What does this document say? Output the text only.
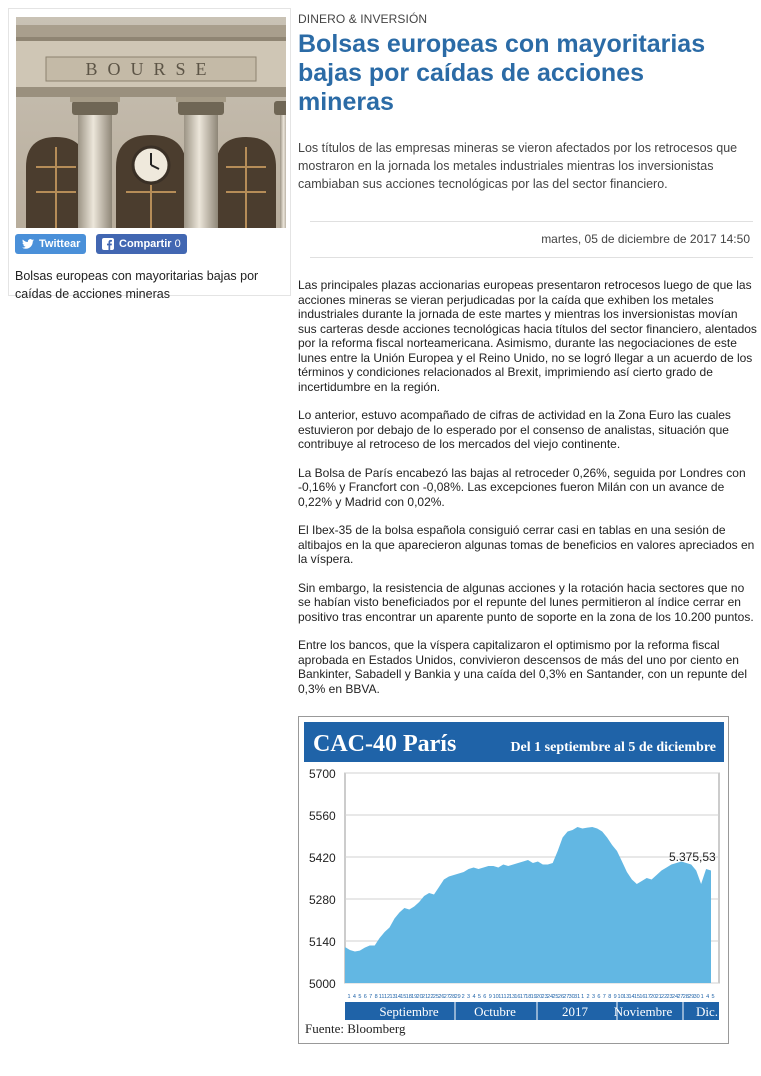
BOURSE
Twittear	Compartir 0
Bolsas europeas con mayoritarias bajas por caídas de acciones mineras
DINERO & INVERSIÓN
Bolsas europeas con mayoritarias bajas por caídas de acciones mineras

Los títulos de las empresas mineras se vieron afectados por los retrocesos que mostraron en la jornada los metales industriales mientras los inversionistas cambiaban sus acciones tecnológicas por las del sector financiero.

martes, 05 de diciembre de 2017 14:50

Las principales plazas accionarias europeas presentaron retrocesos luego de que las acciones mineras se vieran perjudicadas por la caída que exhiben los metales industriales durante la jornada de este martes y mientras los inversionistas movían sus carteras desde acciones tecnológicas hacia títulos del sector financiero, alentados por la reforma fiscal norteamericana. Asimismo, durante las negociaciones de este lunes entre la Unión Europea y el Reino Unido, no se logró llegar a un acuerdo de los términos y condiciones relacionados al Brexit, imprimiendo así cierto grado de incertidumbre en la región.

Lo anterior, estuvo acompañado de cifras de actividad en la Zona Euro las cuales estuvieron por debajo de lo esperado por el consenso de analistas, situación que contribuye al retroceso de los mercados del viejo continente.

La Bolsa de París encabezó las bajas al retroceder 0,26%, seguida por Londres con -0,16% y Francfort con -0,08%. Las excepciones fueron Milán con un avance de 0,22% y Madrid con 0,02%.

El Ibex-35 de la bolsa española consiguió cerrar casi en tablas en una sesión de altibajos en la que aparecieron algunas tomas de beneficios en valores apreciados en la víspera.

Sin embargo, la resistencia de algunas acciones y la rotación hacia sectores que no se habían visto beneficiados por el repunte del lunes permitieron al índice cerrar en positivo tras encontrar un aparente punto de soporte en la zona de los 10.200 puntos.

Entre los bancos, que la víspera capitalizaron el optimismo por la reforma fiscal aprobada en Estados Unidos, convivieron descensos de más del uno por ciento en Bankinter, Sabadell y Bankia y una caída del 0,3% en Santander, con un repunte del 0,3% en BBVA.

CAC-40 París	Del 1 septiembre al 5 de diciembre
5700
5560
5420
5280
5140
5000
5.375,53
1 4 5 6 7 8 11 12 13 14 15 18 19 20 21 22 25 26 27 28 29 2 3 4 5 6 9 10 11 12 13 16 17 18 19 20 23 24 25 26 27 30 31 1 2 3 6 7 8 9 10 13 14 15 16 17 20 21 22 23 24 27 28 29 30 1 4 5
Septiembre	Octubre	2017 Noviembre Dic.
Fuente: Bloomberg
